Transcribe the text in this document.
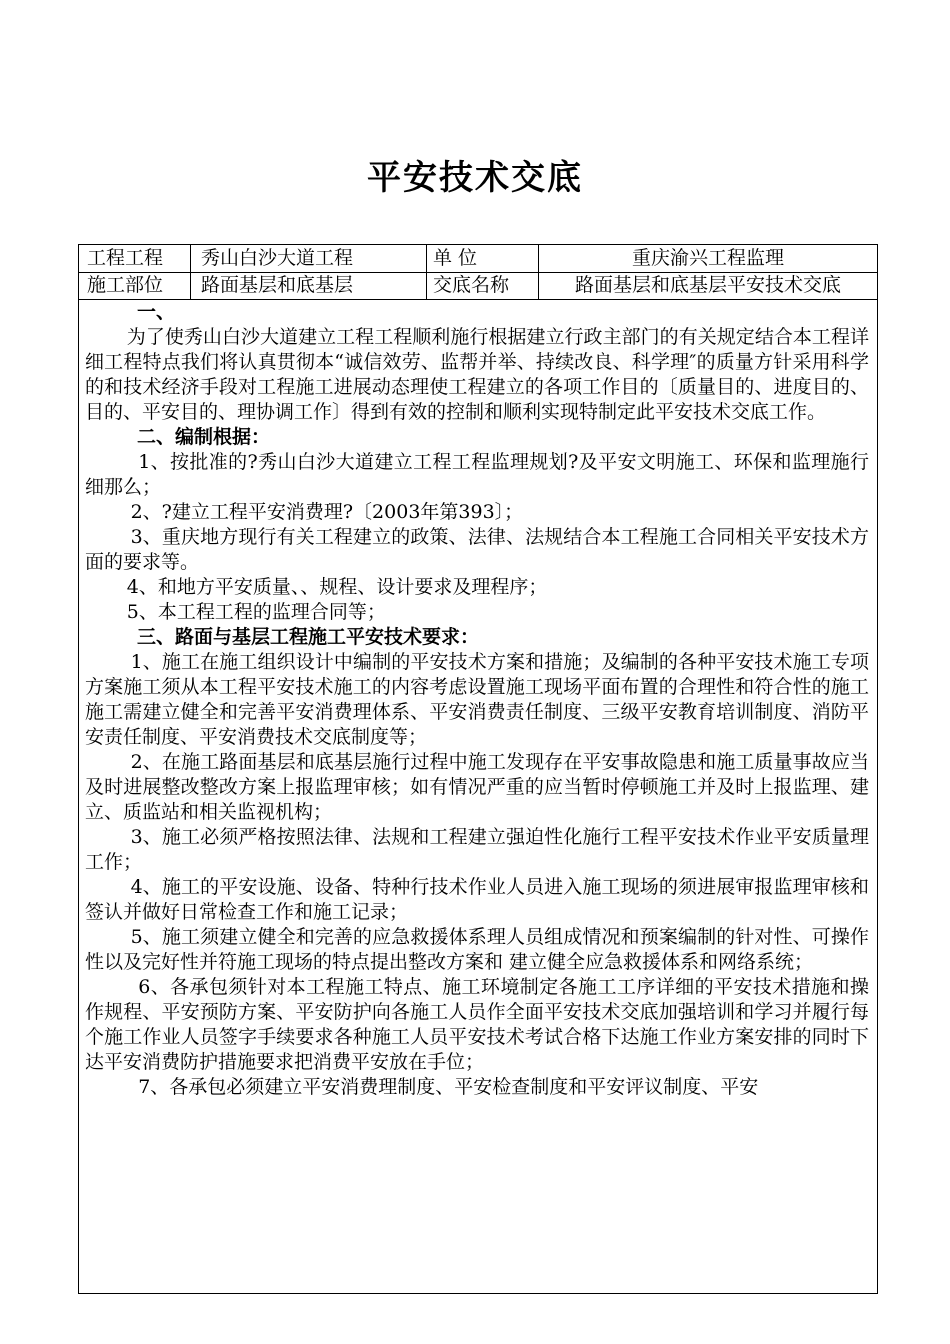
平安技术交底
工程工程	秀山白沙大道工程	单 位	重庆渝兴工程监理
施工部位	路面基层和底基层	交底名称	路面基层和底基层平安技术交底

一、

为了使秀山白沙大道建立工程工程顺利施行根据建立行政主部门的有关规定结合本工程详细工程特点我们将认真贯彻本“诚信效劳、监帮并举、持续改良、科学理″的质量方针采用科学的和技术经济手段对工程施工进展动态理使工程建立的各项工作目的〔质量目的、进度目的、目的、平安目的、理协调工作〕得到有效的控制和顺利实现特制定此平安技术交底工作。

二、编制根据：

1、按批准的?秀山白沙大道建立工程工程监理规划?及平安文明施工、环保和监理施行细那么；

2、?建立工程平安消费理?〔2003年第393〕；

3、重庆地方现行有关工程建立的政策、法律、法规结合本工程施工合同相关平安技术方面的要求等。

4、和地方平安质量、、规程、设计要求及理程序；

5、本工程工程的监理合同等；

三、路面与基层工程施工平安技术要求：

1、施工在施工组织设计中编制的平安技术方案和措施；及编制的各种平安技术施工专项方案施工须从本工程平安技术施工的内容考虑设置施工现场平面布置的合理性和符合性的施工 施工需建立健全和完善平安消费理体系、平安消费责任制度、三级平安教育培训制度、消防平安责任制度、平安消费技术交底制度等；

2、在施工路面基层和底基层施行过程中施工发现存在平安事故隐患和施工质量事故应当及时进展整改整改方案上报监理审核；如有情况严重的应当暂时停顿施工并及时上报监理、建立、质监站和相关监视机构；

3、施工必须严格按照法律、法规和工程建立强迫性化施行工程平安技术作业平安质量理工作；

4、施工的平安设施、设备、特种行技术作业人员进入施工现场的须进展审报监理审核和签认并做好日常检查工作和施工记录；

5、施工须建立健全和完善的应急救援体系理人员组成情况和预案编制的针对性、可操作性以及完好性并符施工现场的特点提出整改方案和 建立健全应急救援体系和网络系统；

6、各承包须针对本工程施工特点、施工环境制定各施工工序详细的平安技术措施和操作规程、平安预防方案、平安防护向各施工人员作全面平安技术交底加强培训和学习并履行每个施工作业人员签字手续要求各种施工人员平安技术考试合格下达施工作业方案安排的同时下达平安消费防护措施要求把消费平安放在手位；

7、各承包必须建立平安消费理制度、平安检查制度和平安评议制度、平安
